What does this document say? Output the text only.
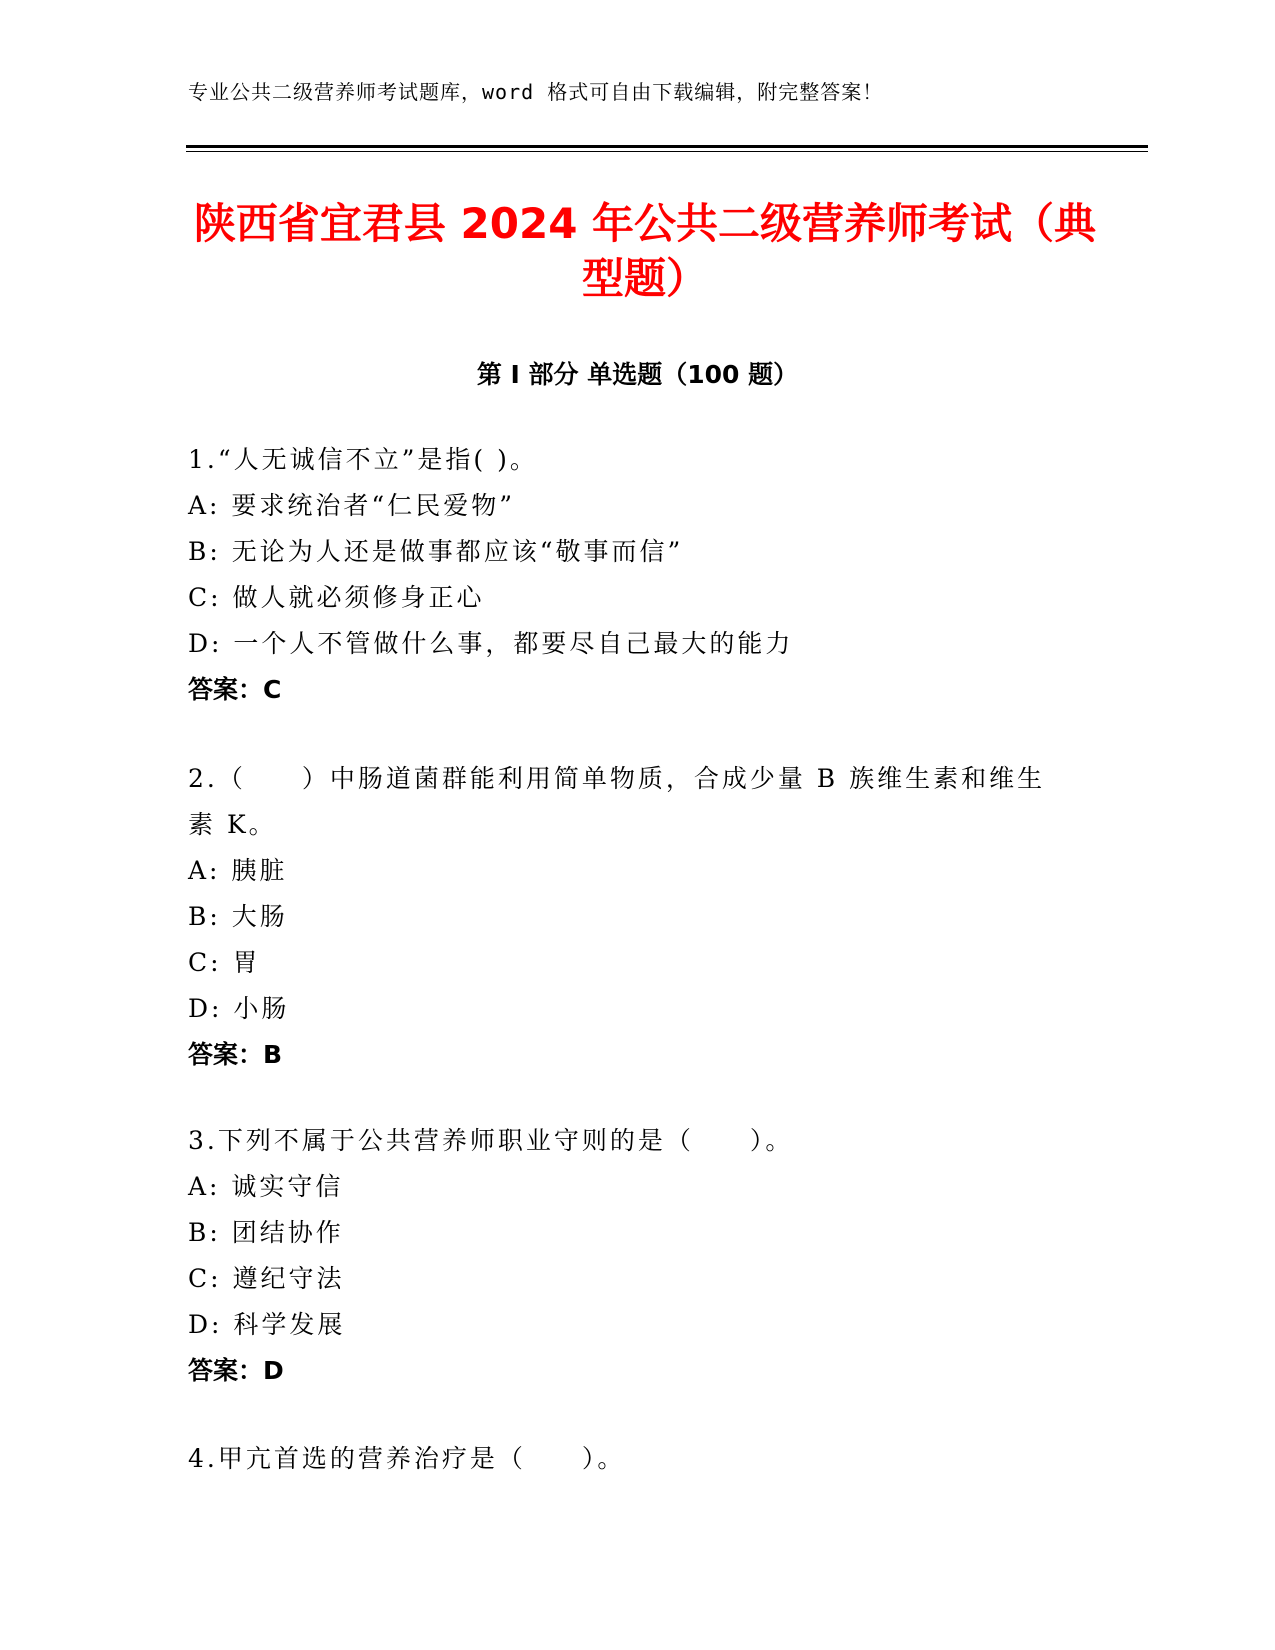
专业公共二级营养师考试题库，word 格式可自由下载编辑，附完整答案！
陕西省宜君县 2024 年公共二级营养师考试（典型题）
第 I 部分 单选题（100 题）

1.“人无诚信不立”是指( )。

A: 要求统治者“仁民爱物”

B: 无论为人还是做事都应该“敬事而信”

C: 做人就必须修身正心

D: 一个人不管做什么事，都要尽自己最大的能力

答案：C

2.（　　）中肠道菌群能利用简单物质，合成少量 B 族维生素和维生素 K。

A: 胰脏

B: 大肠

C: 胃

D: 小肠

答案：B

3.下列不属于公共营养师职业守则的是（　　）。

A: 诚实守信

B: 团结协作

C: 遵纪守法

D: 科学发展

答案：D

4.甲亢首选的营养治疗是（　　）。
